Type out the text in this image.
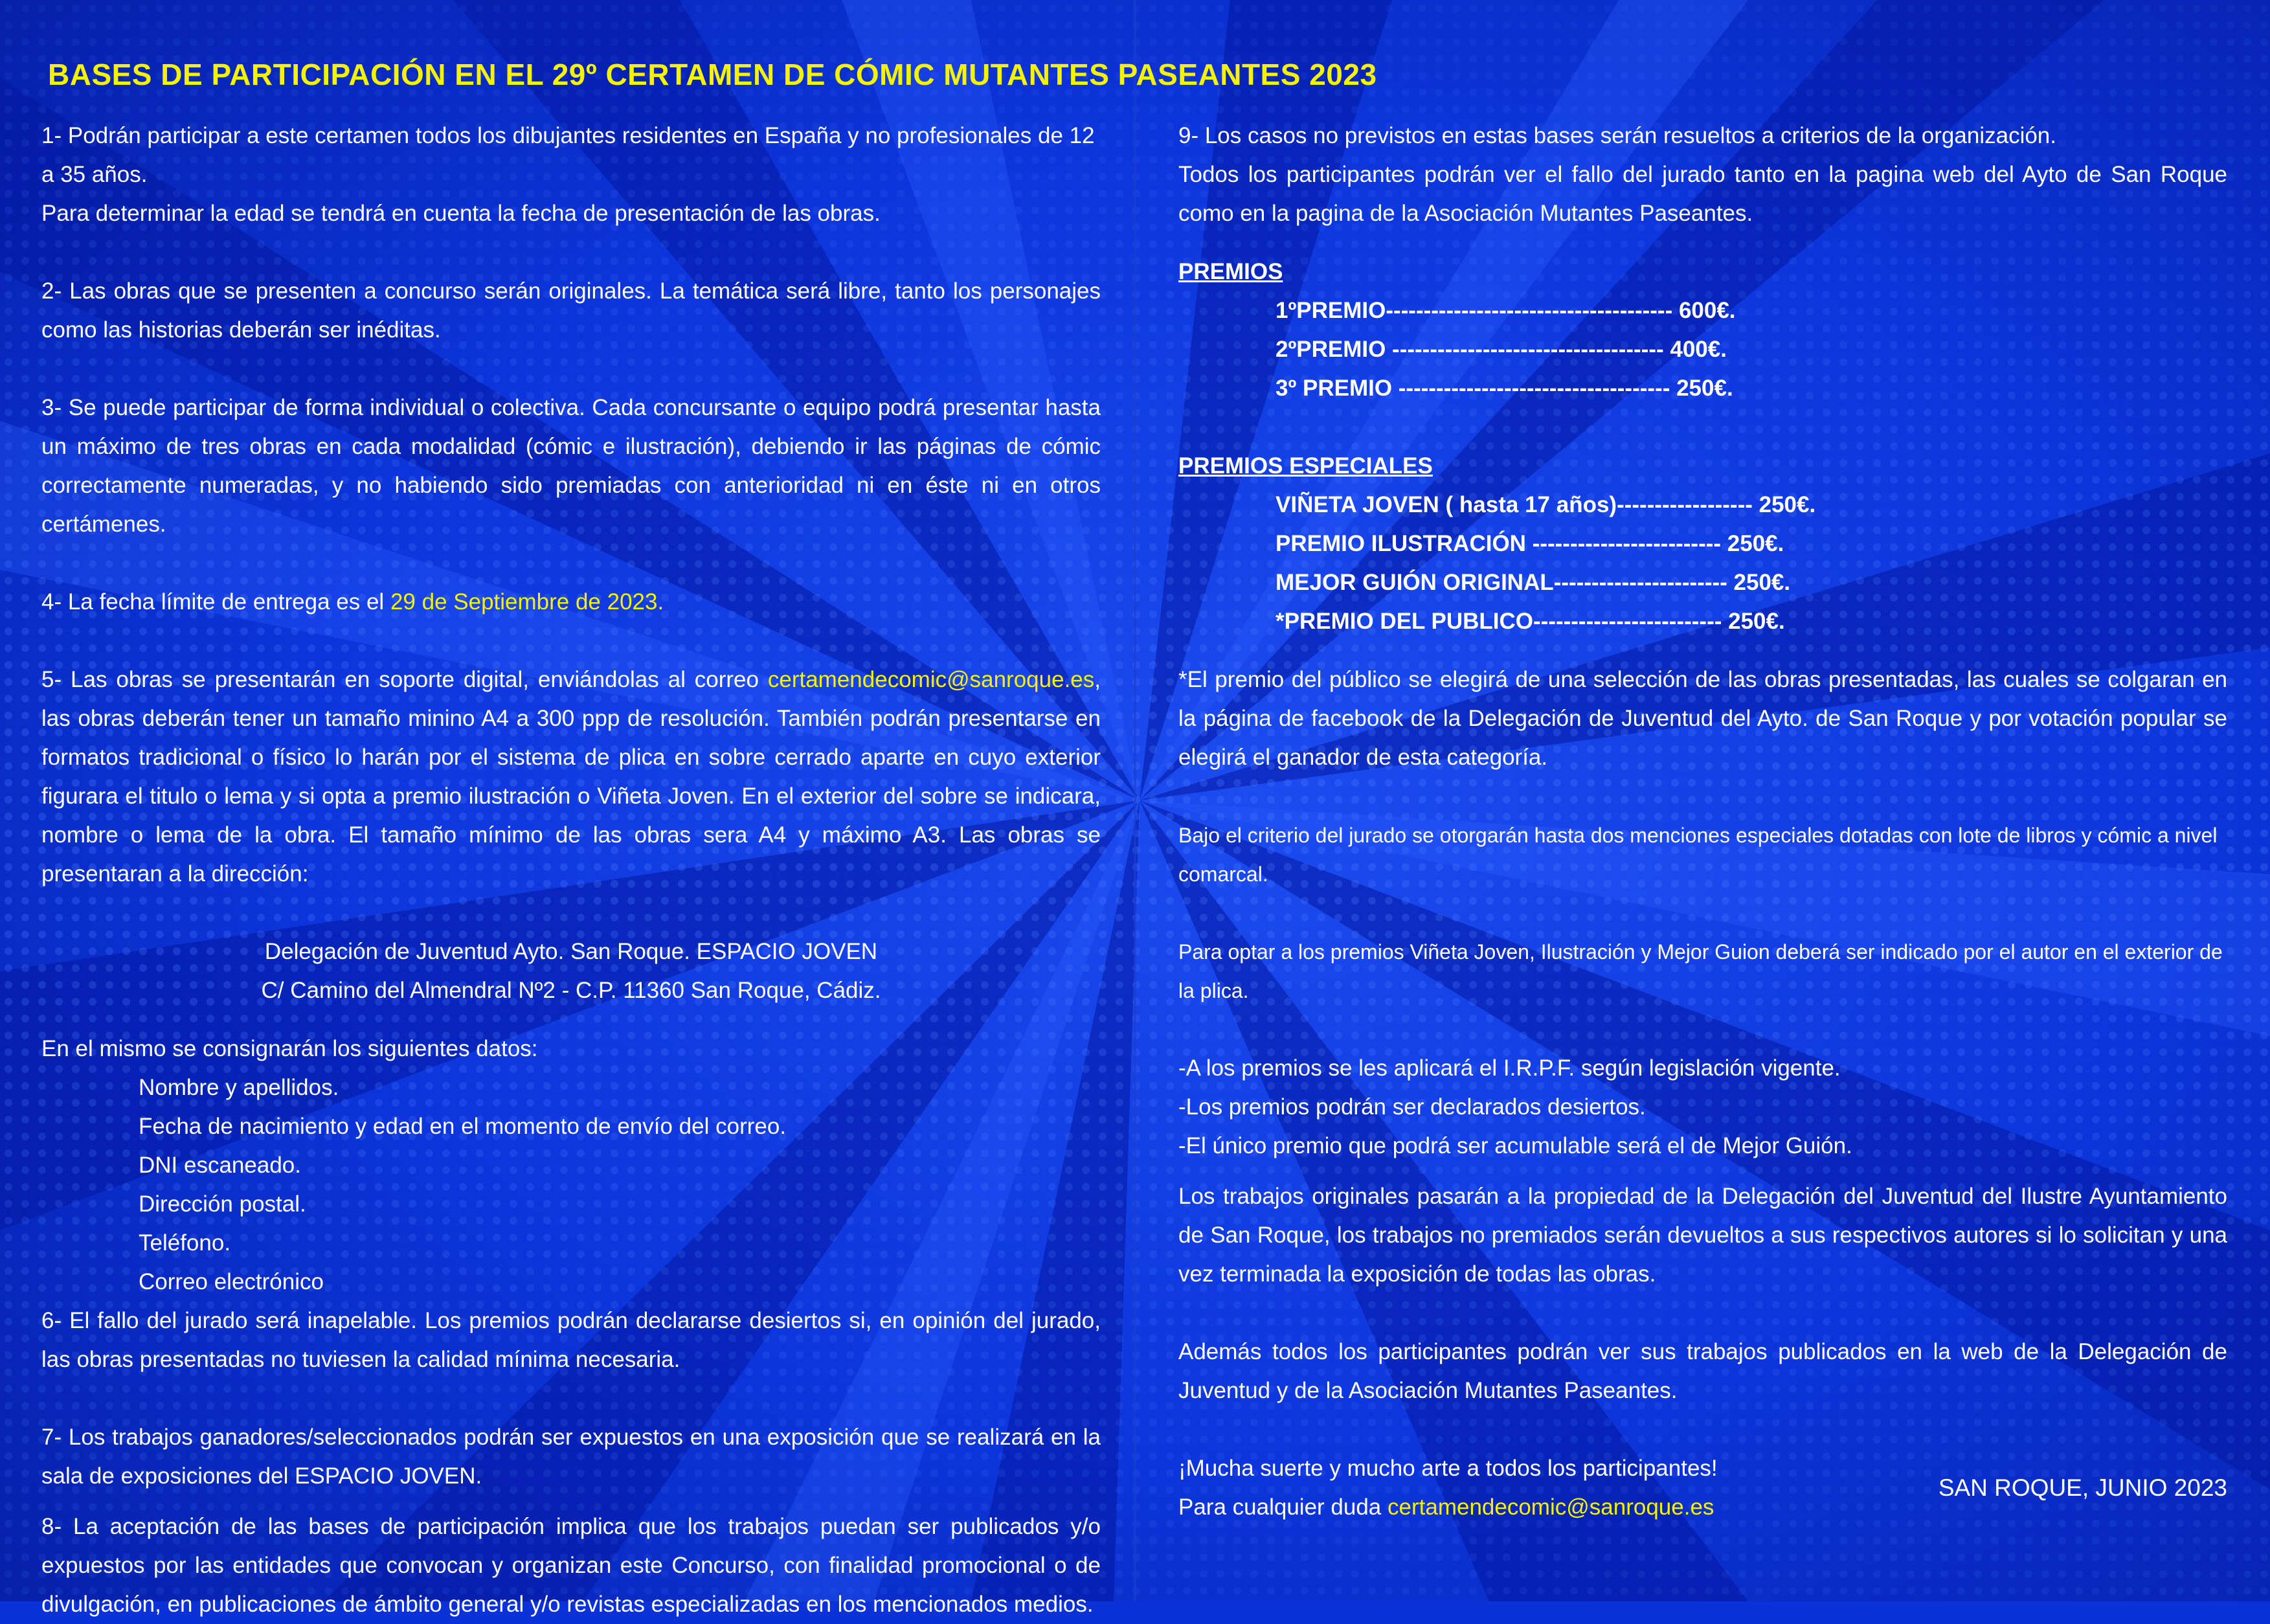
BASES DE PARTICIPACIÓN EN EL 29º CERTAMEN DE CÓMIC MUTANTES PASEANTES 2023

1- Podrán participar a este certamen todos los dibujantes residentes en España y no profesionales de 12 a 35 años.

Para determinar la edad se tendrá en cuenta la fecha de presentación de las obras.

2- Las obras que se presenten a concurso serán originales. La temática será libre, tanto los personajes como las historias deberán ser inéditas.

3- Se puede participar de forma individual o colectiva. Cada concursante o equipo podrá presentar hasta un máximo de tres obras en cada modalidad (cómic e ilustración), debiendo ir las páginas de cómic correctamente numeradas, y no habiendo sido premiadas con anterioridad ni en éste ni en otros certámenes.

4- La fecha límite de entrega es el 29 de Septiembre de 2023.

5- Las obras se presentarán en soporte digital, enviándolas al correo certamendecomic@sanroque.es, las obras deberán tener un tamaño minino A4 a 300 ppp de resolución. También podrán presentarse en formatos tradicional o físico lo harán por el sistema de plica en sobre cerrado aparte en cuyo exterior figurara el titulo o lema y si opta a premio ilustración o Viñeta Joven. En el exterior del sobre se indicara, nombre o lema de la obra. El tamaño mínimo de las obras sera A4 y máximo A3. Las obras se presentaran a la dirección:

Delegación de Juventud Ayto. San Roque. ESPACIO JOVEN

C/ Camino del Almendral Nº2 - C.P. 11360 San Roque, Cádiz.

En el mismo se consignarán los siguientes datos:

Nombre y apellidos.

Fecha de nacimiento y edad en el momento de envío del correo.

DNI escaneado.

Dirección postal.

Teléfono.

Correo electrónico

6- El fallo del jurado será inapelable. Los premios podrán declararse desiertos si, en opinión del jurado, las obras presentadas no tuviesen la calidad mínima necesaria.

7- Los trabajos ganadores/seleccionados podrán ser expuestos en una exposición que se realizará en la sala de exposiciones del ESPACIO JOVEN.

8- La aceptación de las bases de participación implica que los trabajos puedan ser publicados y/o expuestos por las entidades que convocan y organizan este Concurso, con finalidad promocional o de divulgación, en publicaciones de ámbito general y/o revistas especializadas en los mencionados medios.

9- Los casos no previstos en estas bases serán resueltos a criterios de la organización.

Todos los participantes podrán ver el fallo del jurado tanto en la pagina web del Ayto de San Roque como en la pagina de la Asociación Mutantes Paseantes.

PREMIOS

1ºPREMIO-------------------------------------- 600€.

2ºPREMIO ------------------------------------ 400€.

3º PREMIO ------------------------------------ 250€.

PREMIOS ESPECIALES

VIÑETA JOVEN ( hasta 17 años)------------------ 250€.

PREMIO ILUSTRACIÓN ------------------------- 250€.

MEJOR GUIÓN ORIGINAL----------------------- 250€.

*PREMIO DEL PUBLICO------------------------- 250€.

*El premio del público se elegirá de una selección de las obras presentadas, las cuales se colgaran en la página de facebook de la Delegación de Juventud del Ayto. de San Roque y por votación popular se elegirá el ganador de esta categoría.

Bajo el criterio del jurado se otorgarán hasta dos menciones especiales dotadas con lote de libros y cómic a nivel comarcal.

Para optar a los premios Viñeta Joven, Ilustración y Mejor Guion deberá ser indicado por el autor en el exterior de la plica.

-A los premios se les aplicará el I.R.P.F. según legislación vigente.

-Los premios podrán ser declarados desiertos.

-El único premio que podrá ser acumulable será el de Mejor Guión.

Los trabajos originales pasarán a la propiedad de la Delegación del Juventud del Ilustre Ayuntamiento de San Roque, los trabajos no premiados serán devueltos a sus respectivos autores si lo solicitan y una vez terminada la exposición de todas las obras.

Además todos los participantes podrán ver sus trabajos publicados en la web de la Delegación de Juventud y de la Asociación Mutantes Paseantes.

¡Mucha suerte y mucho arte a todos los participantes!

Para cualquier duda certamendecomic@sanroque.es

SAN ROQUE, JUNIO 2023
